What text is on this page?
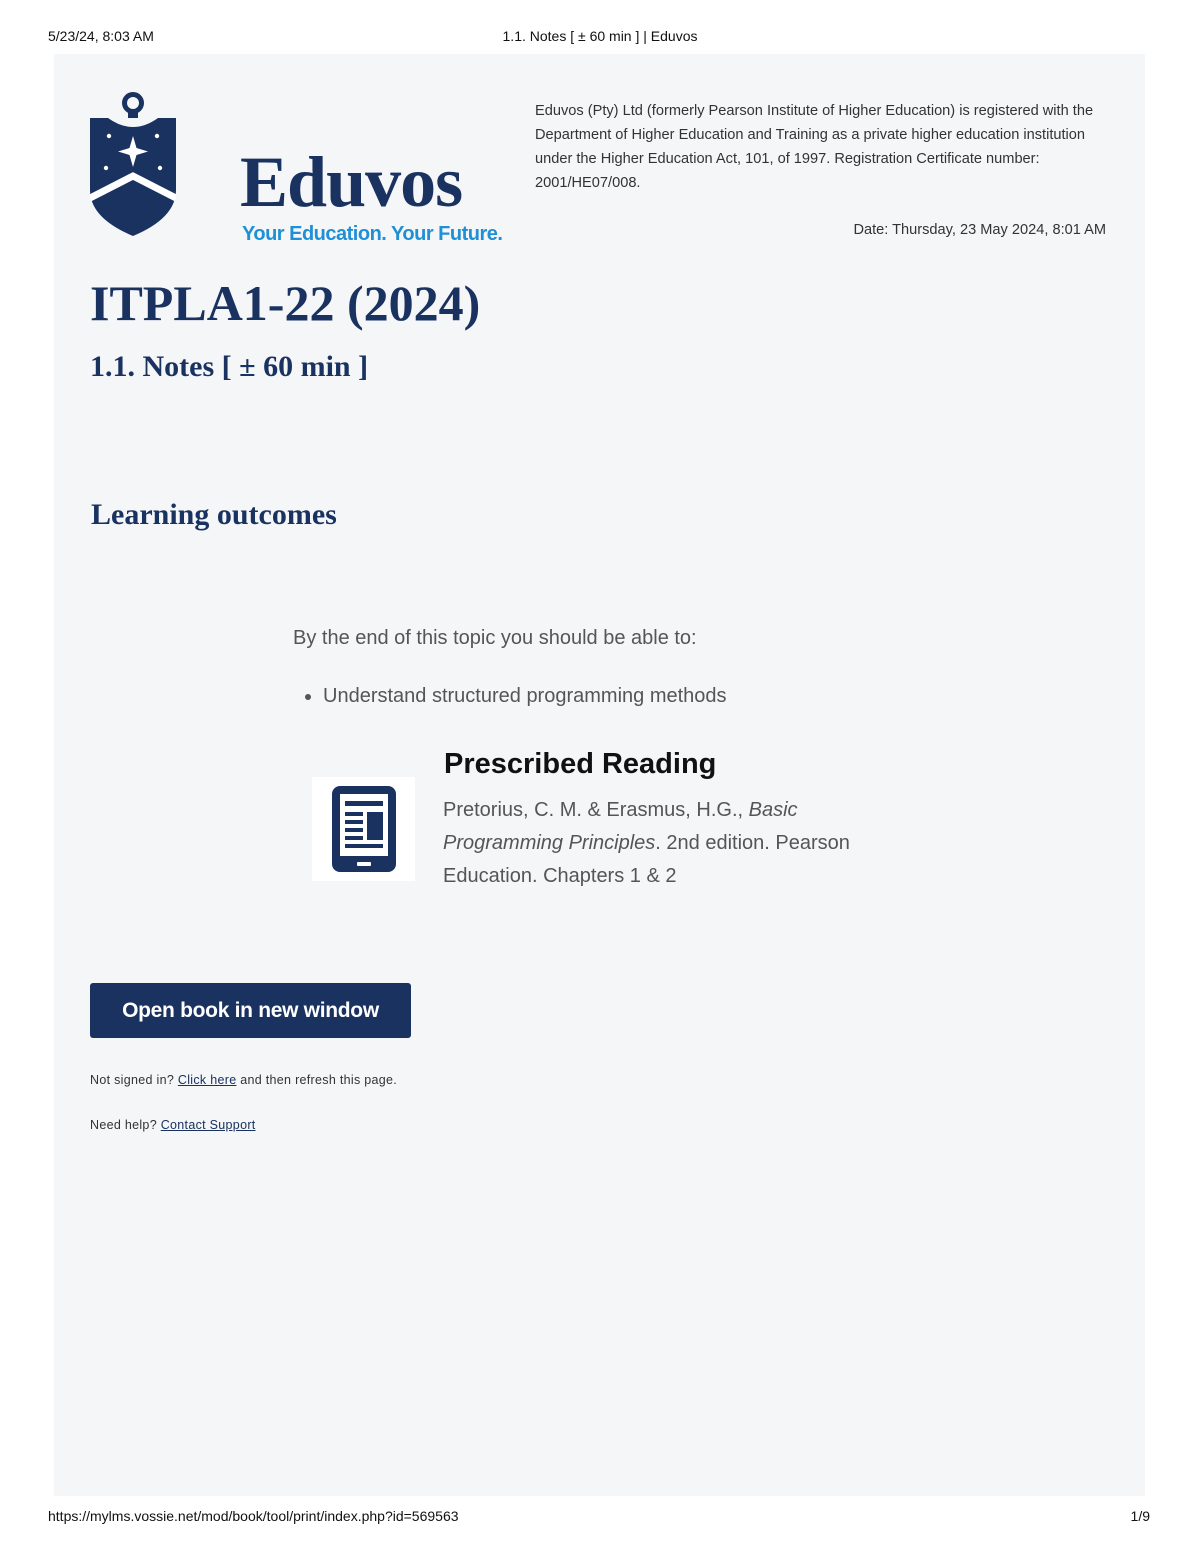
5/23/24, 8:03 AM	1.1. Notes [ ± 60 min ] | Eduvos
Eduvos
Your Education. Your Future.
Eduvos (Pty) Ltd (formerly Pearson Institute of Higher Education) is registered with the Department of Higher Education and Training as a private higher education institution under the Higher Education Act, 101, of 1997. Registration Certificate number: 2001/HE07/008.
Date: Thursday, 23 May 2024, 8:01 AM
ITPLA1-22 (2024)
1.1. Notes [ ± 60 min ]
Learning outcomes
By the end of this topic you should be able to:
• Understand structured programming methods
Prescribed Reading
Pretorius, C. M. & Erasmus, H.G., Basic Programming Principles. 2nd edition. Pearson Education. Chapters 1 & 2
Open book in new window
Not signed in? Click here and then refresh this page.
Need help? Contact Support
https://mylms.vossie.net/mod/book/tool/print/index.php?id=569563	1/9
